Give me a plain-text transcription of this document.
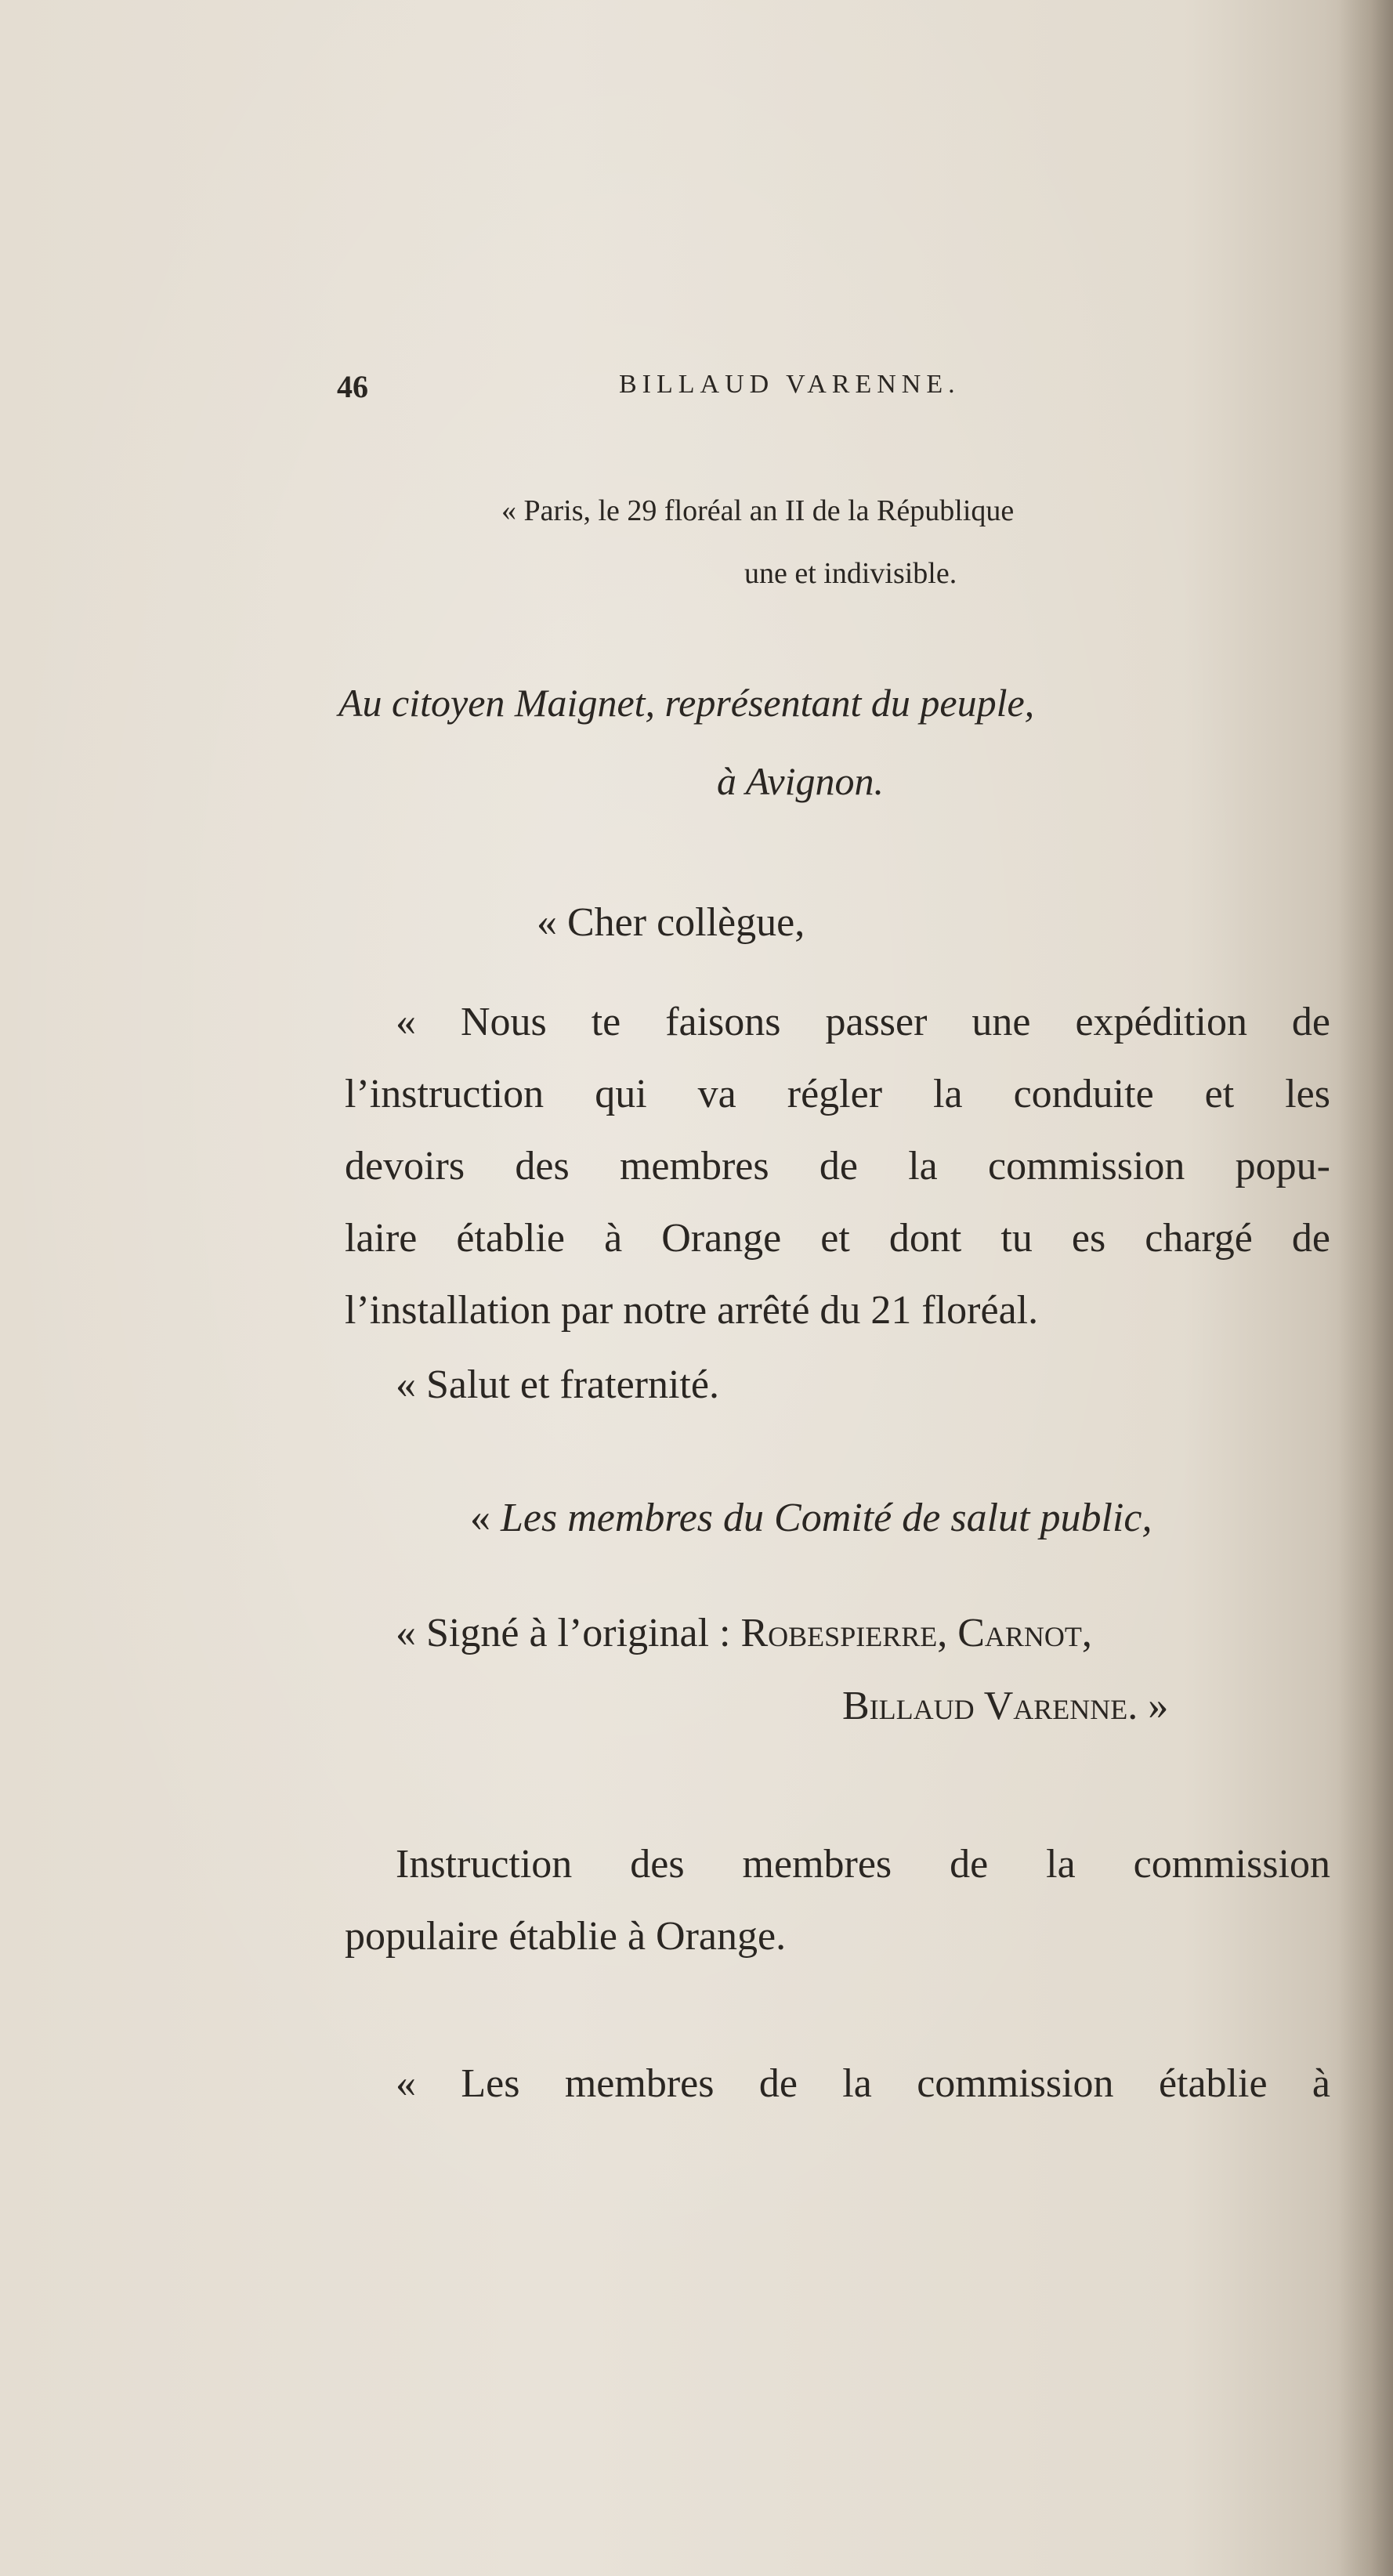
46	BILLAUD VARENNE.
« Paris, le 29 floréal an II de la République
une et indivisible.
Au citoyen Maignet, représentant du peuple,
à Avignon.
« Cher collègue,
« Nous te faisons passer une expédition de
l’instruction qui va régler la conduite et les
devoirs des membres de la commission popu-
laire établie à Orange et dont tu es chargé de
l’installation par notre arrêté du 21 floréal.
« Salut et fraternité.
« Les membres du Comité de salut public,
« Signé à l’original : Robespierre, Carnot,
Billaud Varenne. »
Instruction des membres de la commission
populaire établie à Orange.
« Les membres de la commission établie à
